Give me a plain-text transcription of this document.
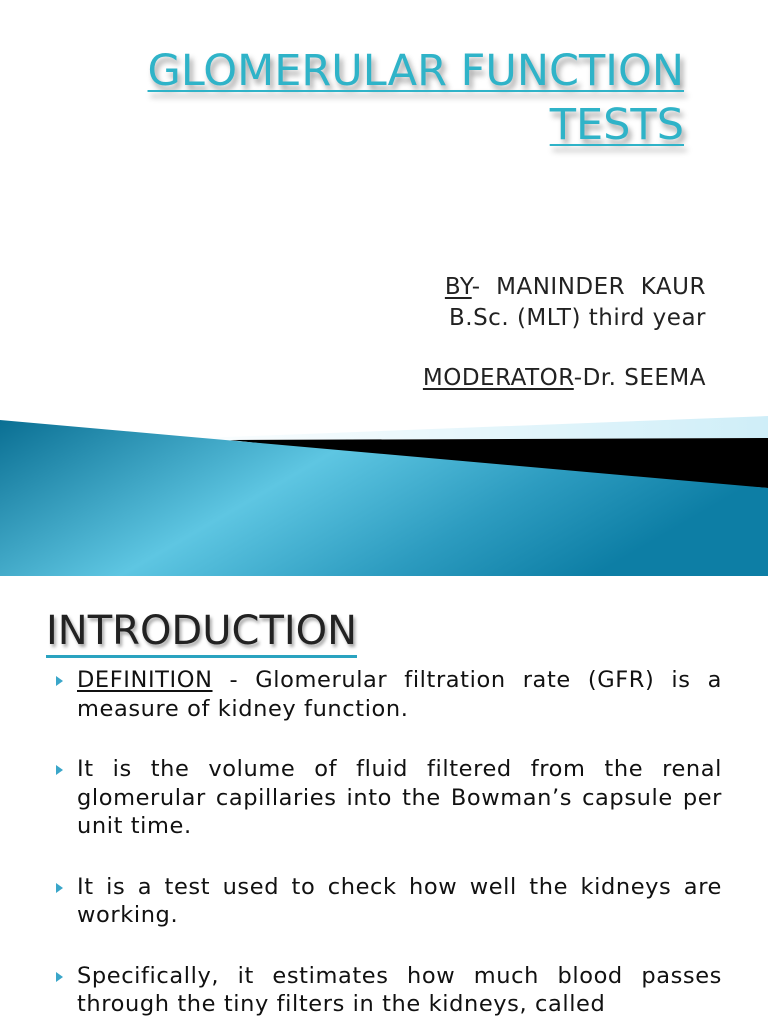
GLOMERULAR FUNCTION
TESTS
BY-  MANINDER  KAUR
B.Sc. (MLT) third year
MODERATOR-Dr. SEEMA
INTRODUCTION
DEFINITION - Glomerular filtration rate (GFR) is a measure of kidney function.
It is the volume of fluid filtered from the renal glomerular capillaries into the Bowman’s capsule per unit time.
It is a test used to check how well the kidneys are working.
Specifically, it estimates how much blood passes through the tiny filters in the kidneys, called
